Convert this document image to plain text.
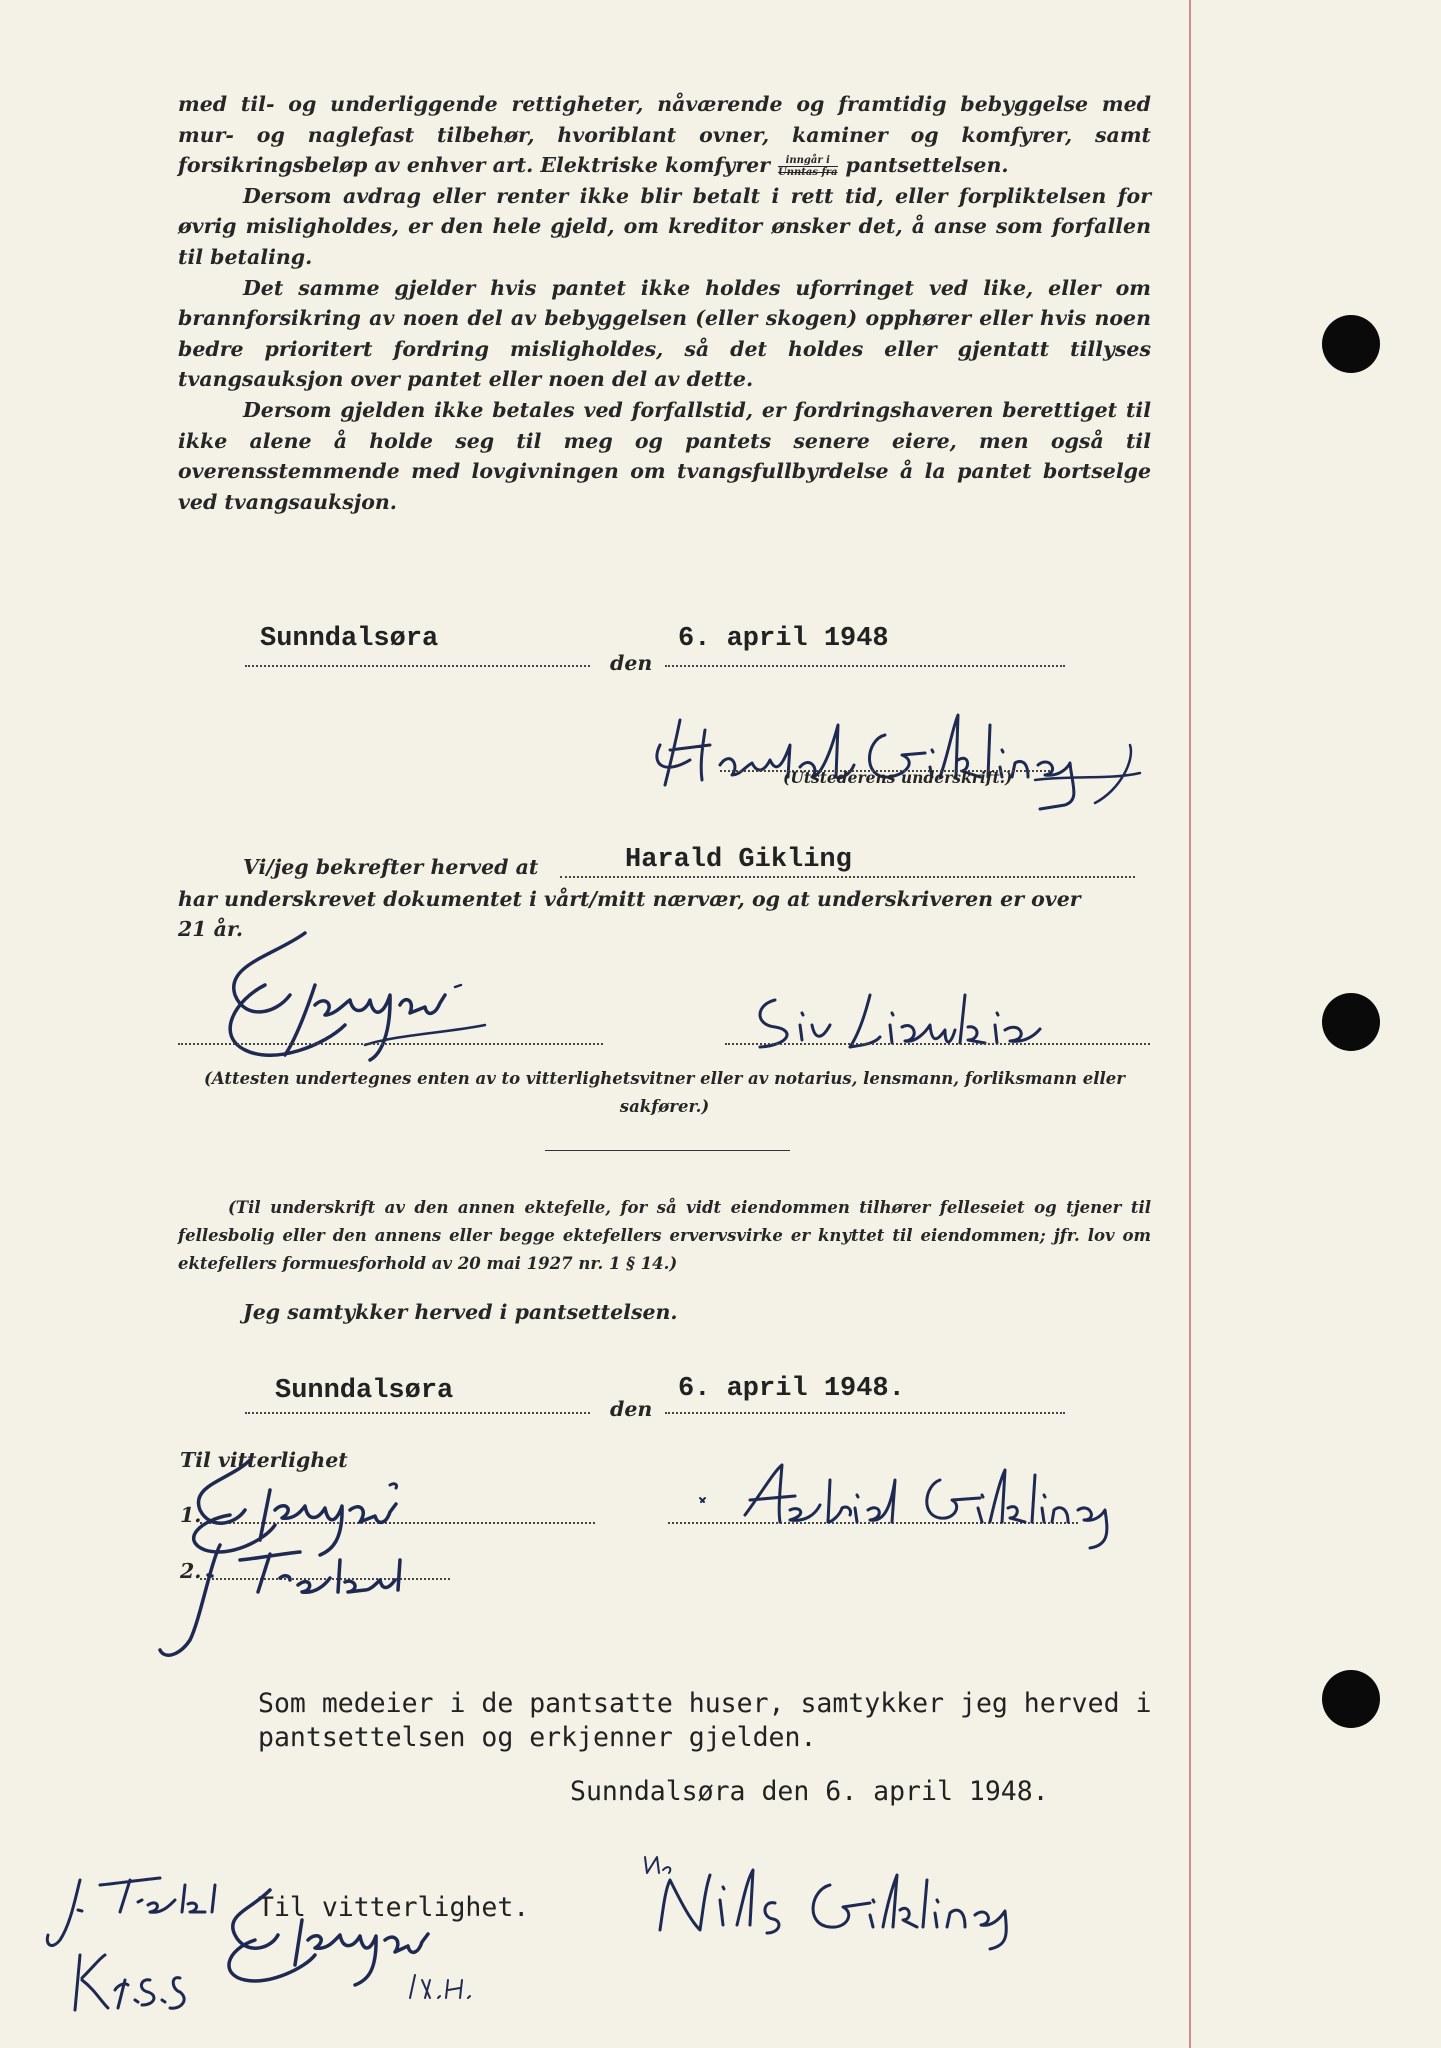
med til- og underliggende rettigheter, nåværende og framtidig bebyggelse med mur- og naglefast tilbehør, hvoriblant ovner, kaminer og komfyrer, samt forsikringsbeløp av enhver art. Elektriske komfyrer $\frac{\text{inngår i}}{\text{Unntas fra}}$ pantsettelsen.

Dersom avdrag eller renter ikke blir betalt i rett tid, eller forpliktelsen for øvrig misligholdes, er den hele gjeld, om kreditor ønsker det, å anse som forfallen til betaling.

Det samme gjelder hvis pantet ikke holdes uforringet ved like, eller om brannforsikring av noen del av bebyggelsen (eller skogen) opphører eller hvis noen bedre prioritert fordring misligholdes, så det holdes eller gjentatt tillyses tvangsauksjon over pantet eller noen del av dette.

Dersom gjelden ikke betales ved forfallstid, er fordringshaveren berettiget til ikke alene å holde seg til meg og pantets senere eiere, men også til overensstemmende med lovgivningen om tvangsfullbyrdelse å la pantet bortselge ved tvangsauksjon.

Sunndalsøra
den
6. april 1948
(Utstederens underskrift.)
Vi/jeg bekrefter herved at	Harald Gikling
har underskrevet dokumentet i vårt/mitt nærvær, og at underskriveren er over
21 år.
(Attesten undertegnes enten av to vitterlighetsvitner eller av notarius, lensmann, forliksmann eller sakfører.)

(Til underskrift av den annen ektefelle, for så vidt eiendommen tilhører felleseiet og tjener til fellesbolig eller den annens eller begge ektefellers ervervsvirke er knyttet til eiendommen; jfr. lov om ektefellers formuesforhold av 20 mai 1927 nr. 1 § 14.)

Jeg samtykker herved i pantsettelsen.
Sunndalsøra
den
6. april 1948.
Til vitterlighet
1.
2.
Som medeier i de pantsatte huser, samtykker jeg herved i
pantsettelsen og erkjenner gjelden.
Sunndalsøra den 6. april 1948.
Til vitterlighet.
